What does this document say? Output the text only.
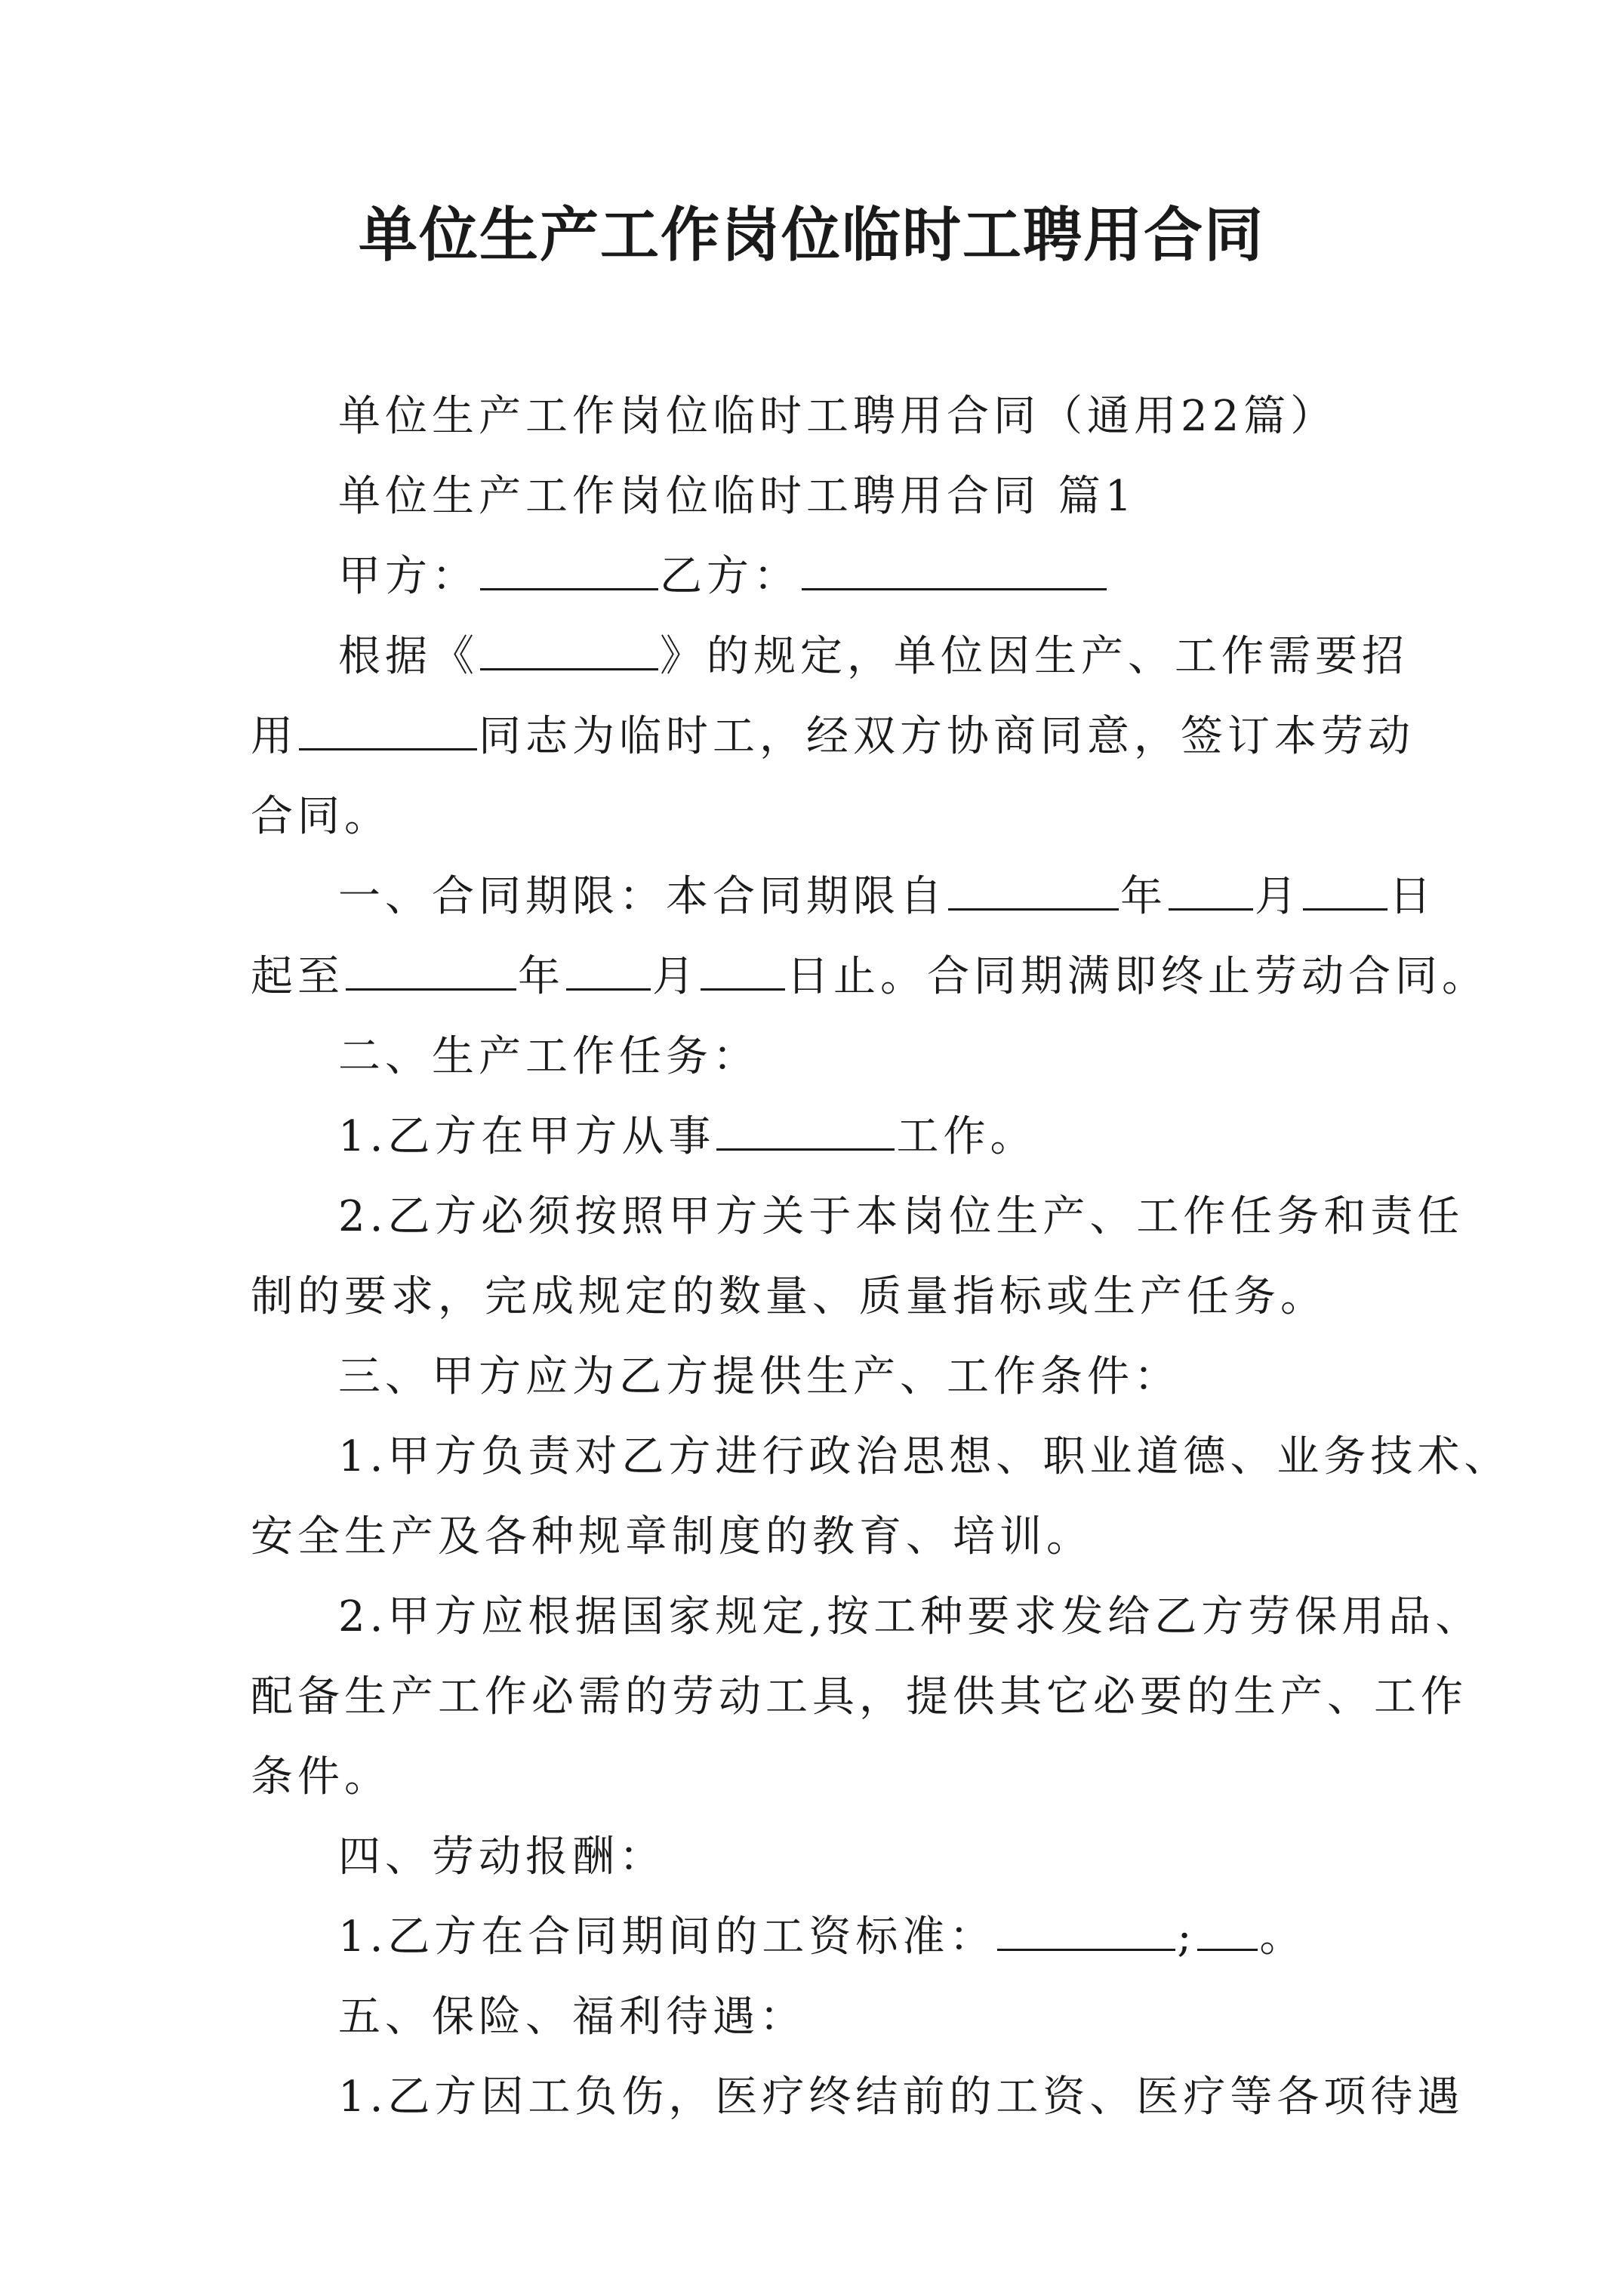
单位生产工作岗位临时工聘用合同
单位生产工作岗位临时工聘用合同（通用22篇）
单位生产工作岗位临时工聘用合同 篇1
甲方：	乙方：
根据《	》的规定，单位因生产、工作需要招
用	同志为临时工，经双方协商同意，签订本劳动
合同。
一、合同期限：本合同期限自	年 月 日
起至	年 月 日止。合同期满即终止劳动合同。
二、生产工作任务：
1.乙方在甲方从事	工作。
2.乙方必须按照甲方关于本岗位生产、工作任务和责任
制的要求，完成规定的数量、质量指标或生产任务。
三、甲方应为乙方提供生产、工作条件：
1.甲方负责对乙方进行政治思想、职业道德、业务技术、
安全生产及各种规章制度的教育、培训。
2.甲方应根据国家规定,按工种要求发给乙方劳保用品、
配备生产工作必需的劳动工具，提供其它必要的生产、工作
条件。
四、劳动报酬：
1.乙方在合同期间的工资标准：	; 。
五、保险、福利待遇：
1.乙方因工负伤，医疗终结前的工资、医疗等各项待遇
